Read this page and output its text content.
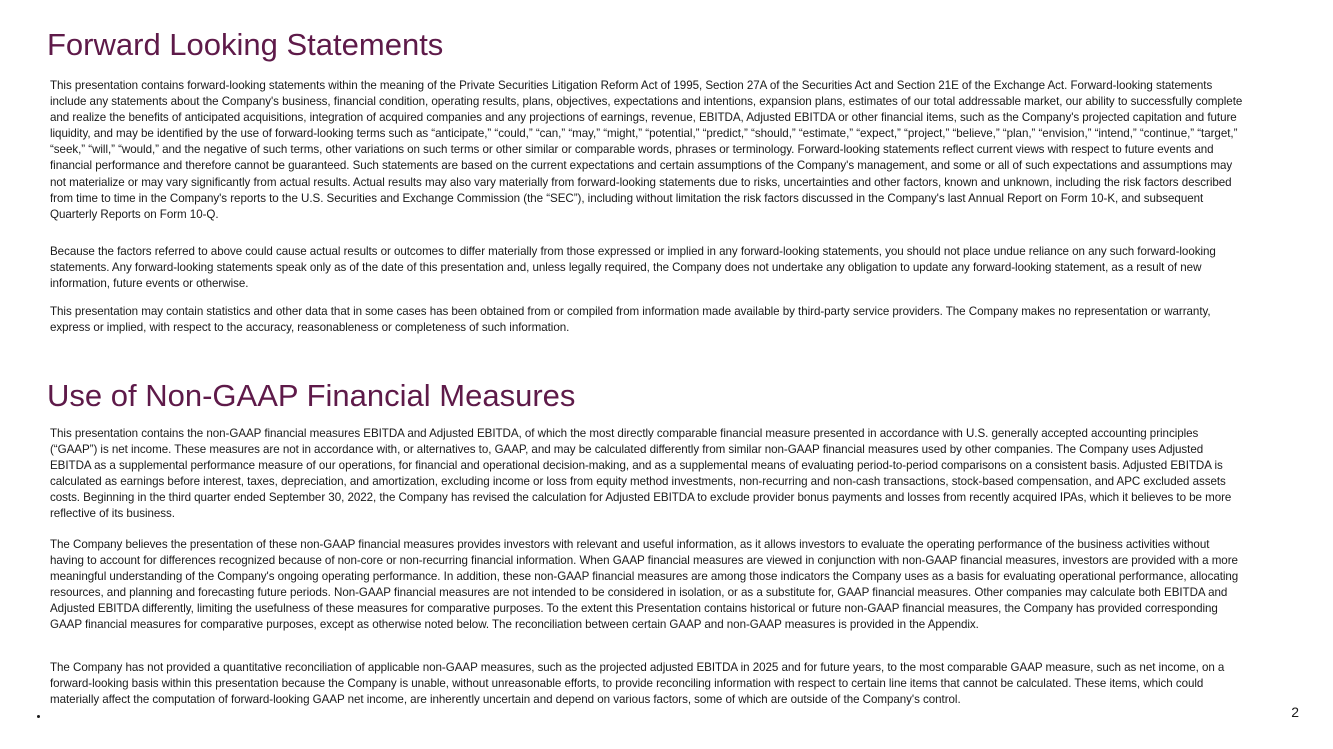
Forward Looking Statements

This presentation contains forward-looking statements within the meaning of the Private Securities Litigation Reform Act of 1995, Section 27A of the Securities Act and Section 21E of the Exchange Act. Forward-looking statements include any statements about the Company's business, financial condition, operating results, plans, objectives, expectations and intentions, expansion plans, estimates of our total addressable market, our ability to successfully complete and realize the benefits of anticipated acquisitions, integration of acquired companies and any projections of earnings, revenue, EBITDA, Adjusted EBITDA or other financial items, such as the Company's projected capitation and future liquidity, and may be identified by the use of forward-looking terms such as “anticipate,” “could,” “can,” “may,” “might,” “potential,” “predict,” “should,” “estimate,” “expect,” “project,” “believe,” “plan,” “envision,” “intend,” “continue,” “target,” “seek,” “will,” “would,” and the negative of such terms, other variations on such terms or other similar or comparable words, phrases or terminology. Forward-looking statements reflect current views with respect to future events and financial performance and therefore cannot be guaranteed. Such statements are based on the current expectations and certain assumptions of the Company's management, and some or all of such expectations and assumptions may not materialize or may vary significantly from actual results. Actual results may also vary materially from forward-looking statements due to risks, uncertainties and other factors, known and unknown, including the risk factors described from time to time in the Company's reports to the U.S. Securities and Exchange Commission (the “SEC”), including without limitation the risk factors discussed in the Company's last Annual Report on Form 10-K, and subsequent Quarterly Reports on Form 10-Q.

Because the factors referred to above could cause actual results or outcomes to differ materially from those expressed or implied in any forward-looking statements, you should not place undue reliance on any such forward-looking statements. Any forward-looking statements speak only as of the date of this presentation and, unless legally required, the Company does not undertake any obligation to update any forward-looking statement, as a result of new information, future events or otherwise.

This presentation may contain statistics and other data that in some cases has been obtained from or compiled from information made available by third-party service providers. The Company makes no representation or warranty, express or implied, with respect to the accuracy, reasonableness or completeness of such information.

Use of Non-GAAP Financial Measures

This presentation contains the non-GAAP financial measures EBITDA and Adjusted EBITDA, of which the most directly comparable financial measure presented in accordance with U.S. generally accepted accounting principles (“GAAP”) is net income. These measures are not in accordance with, or alternatives to, GAAP, and may be calculated differently from similar non-GAAP financial measures used by other companies. The Company uses Adjusted EBITDA as a supplemental performance measure of our operations, for financial and operational decision-making, and as a supplemental means of evaluating period-to-period comparisons on a consistent basis. Adjusted EBITDA is calculated as earnings before interest, taxes, depreciation, and amortization, excluding income or loss from equity method investments, non-recurring and non-cash transactions, stock-based compensation, and APC excluded assets costs. Beginning in the third quarter ended September 30, 2022, the Company has revised the calculation for Adjusted EBITDA to exclude provider bonus payments and losses from recently acquired IPAs, which it believes to be more reflective of its business.

The Company believes the presentation of these non-GAAP financial measures provides investors with relevant and useful information, as it allows investors to evaluate the operating performance of the business activities without having to account for differences recognized because of non-core or non-recurring financial information. When GAAP financial measures are viewed in conjunction with non-GAAP financial measures, investors are provided with a more meaningful understanding of the Company's ongoing operating performance. In addition, these non-GAAP financial measures are among those indicators the Company uses as a basis for evaluating operational performance, allocating resources, and planning and forecasting future periods. Non-GAAP financial measures are not intended to be considered in isolation, or as a substitute for, GAAP financial measures. Other companies may calculate both EBITDA and Adjusted EBITDA differently, limiting the usefulness of these measures for comparative purposes. To the extent this Presentation contains historical or future non-GAAP financial measures, the Company has provided corresponding GAAP financial measures for comparative purposes, except as otherwise noted below. The reconciliation between certain GAAP and non-GAAP measures is provided in the Appendix.

The Company has not provided a quantitative reconciliation of applicable non-GAAP measures, such as the projected adjusted EBITDA in 2025 and for future years, to the most comparable GAAP measure, such as net income, on a forward-looking basis within this presentation because the Company is unable, without unreasonable efforts, to provide reconciling information with respect to certain line items that cannot be calculated. These items, which could materially affect the computation of forward-looking GAAP net income, are inherently uncertain and depend on various factors, some of which are outside of the Company's control.

2
